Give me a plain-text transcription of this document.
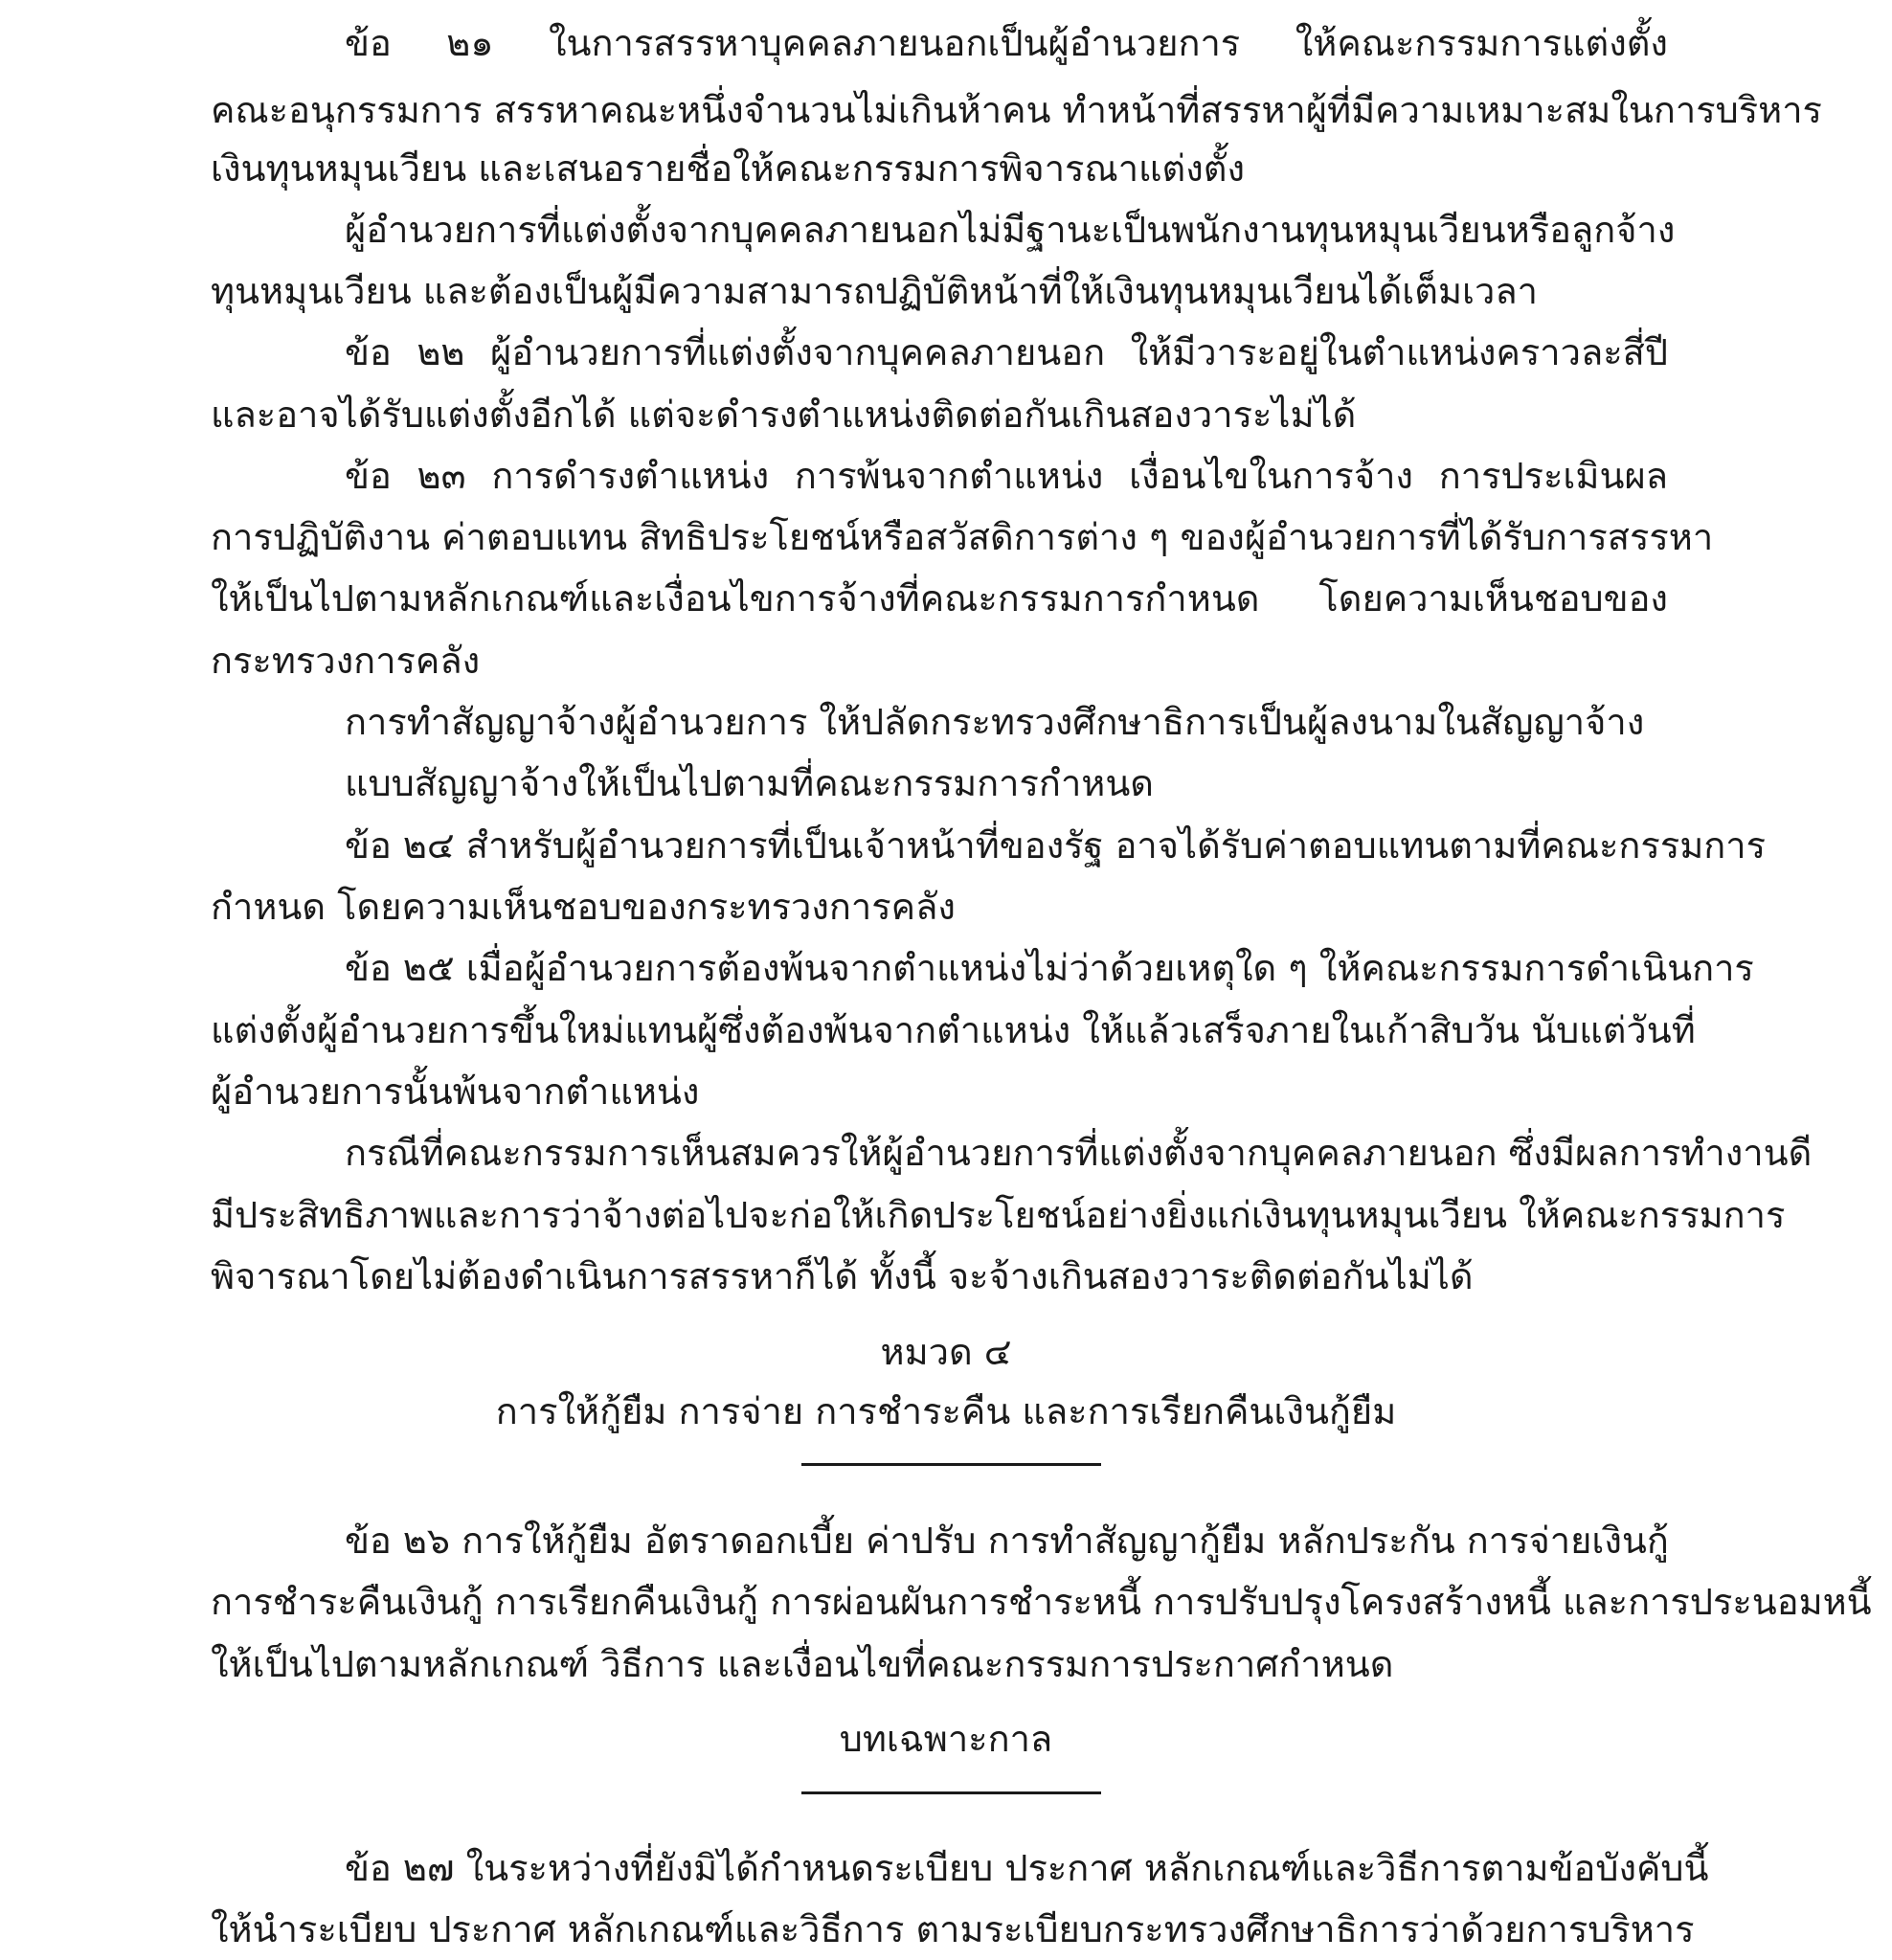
ข้อ ๒๑ ในการสรรหาบุคคลภายนอกเป็นผู้อำนวยการ ให้คณะกรรมการแต่งตั้ง
คณะอนุกรรมการ สรรหาคณะหนึ่งจำนวนไม่เกินห้าคน ทำหน้าที่สรรหาผู้ที่มีความเหมาะสมในการบริหาร
เงินทุนหมุนเวียน และเสนอรายชื่อให้คณะกรรมการพิจารณาแต่งตั้ง
ผู้อำนวยการที่แต่งตั้งจากบุคคลภายนอกไม่มีฐานะเป็นพนักงานทุนหมุนเวียนหรือลูกจ้าง
ทุนหมุนเวียน และต้องเป็นผู้มีความสามารถปฏิบัติหน้าที่ให้เงินทุนหมุนเวียนได้เต็มเวลา
ข้อ ๒๒ ผู้อำนวยการที่แต่งตั้งจากบุคคลภายนอก ให้มีวาระอยู่ในตำแหน่งคราวละสี่ปี
และอาจได้รับแต่งตั้งอีกได้ แต่จะดำรงตำแหน่งติดต่อกันเกินสองวาระไม่ได้
ข้อ ๒๓ การดำรงตำแหน่ง การพ้นจากตำแหน่ง เงื่อนไขในการจ้าง การประเมินผล
การปฏิบัติงาน ค่าตอบแทน สิทธิประโยชน์หรือสวัสดิการต่าง ๆ ของผู้อำนวยการที่ได้รับการสรรหา
ให้เป็นไปตามหลักเกณฑ์และเงื่อนไขการจ้างที่คณะกรรมการกำหนด โดยความเห็นชอบของ
กระทรวงการคลัง
การทำสัญญาจ้างผู้อำนวยการ ให้ปลัดกระทรวงศึกษาธิการเป็นผู้ลงนามในสัญญาจ้าง
แบบสัญญาจ้างให้เป็นไปตามที่คณะกรรมการกำหนด
ข้อ ๒๔ สำหรับผู้อำนวยการที่เป็นเจ้าหน้าที่ของรัฐ อาจได้รับค่าตอบแทนตามที่คณะกรรมการ
กำหนด โดยความเห็นชอบของกระทรวงการคลัง
ข้อ ๒๕ เมื่อผู้อำนวยการต้องพ้นจากตำแหน่งไม่ว่าด้วยเหตุใด ๆ ให้คณะกรรมการดำเนินการ
แต่งตั้งผู้อำนวยการขึ้นใหม่แทนผู้ซึ่งต้องพ้นจากตำแหน่ง ให้แล้วเสร็จภายในเก้าสิบวัน นับแต่วันที่
ผู้อำนวยการนั้นพ้นจากตำแหน่ง
กรณีที่คณะกรรมการเห็นสมควรให้ผู้อำนวยการที่แต่งตั้งจากบุคคลภายนอก ซึ่งมีผลการทำงานดี
มีประสิทธิภาพและการว่าจ้างต่อไปจะก่อให้เกิดประโยชน์อย่างยิ่งแก่เงินทุนหมุนเวียน ให้คณะกรรมการ
พิจารณาโดยไม่ต้องดำเนินการสรรหาก็ได้ ทั้งนี้ จะจ้างเกินสองวาระติดต่อกันไม่ได้
หมวด ๔
การให้กู้ยืม การจ่าย การชำระคืน และการเรียกคืนเงินกู้ยืม
ข้อ ๒๖ การให้กู้ยืม อัตราดอกเบี้ย ค่าปรับ การทำสัญญากู้ยืม หลักประกัน การจ่ายเงินกู้
การชำระคืนเงินกู้ การเรียกคืนเงินกู้ การผ่อนผันการชำระหนี้ การปรับปรุงโครงสร้างหนี้ และการประนอมหนี้
ให้เป็นไปตามหลักเกณฑ์ วิธีการ และเงื่อนไขที่คณะกรรมการประกาศกำหนด
บทเฉพาะกาล
ข้อ ๒๗ ในระหว่างที่ยังมิได้กำหนดระเบียบ ประกาศ หลักเกณฑ์และวิธีการตามข้อบังคับนี้
ให้นำระเบียบ ประกาศ หลักเกณฑ์และวิธีการ ตามระเบียบกระทรวงศึกษาธิการว่าด้วยการบริหาร
